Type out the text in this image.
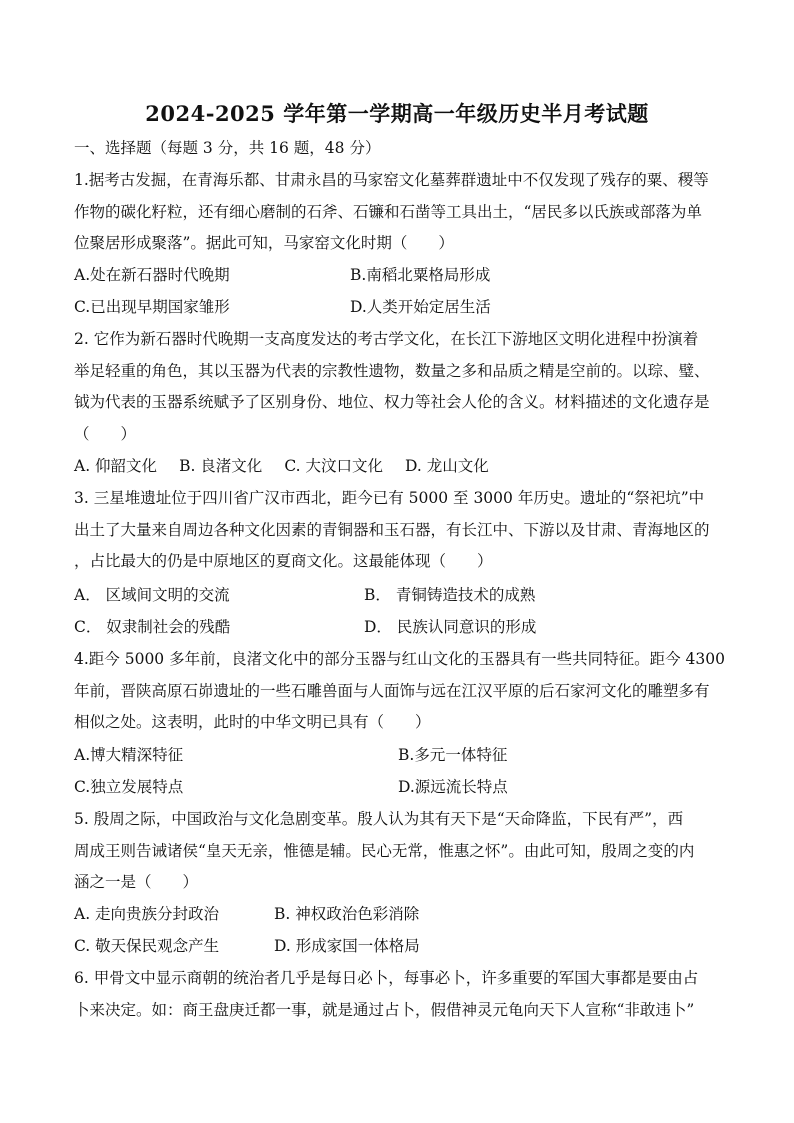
2024-2025 学年第一学期高一年级历史半月考试题
一、选择题（每题 3 分，共 16 题，48 分）
1.据考古发掘，在青海乐都、甘肃永昌的马家窑文化墓葬群遗址中不仅发现了残存的粟、稷等
作物的碳化籽粒，还有细心磨制的石斧、石镰和石凿等工具出土，“居民多以氏族或部落为单
位聚居形成聚落”。据此可知，马家窑文化时期（　　）
A.处在新石器时代晚期	B.南稻北粟格局形成
C.已出现早期国家雏形	D.人类开始定居生活
2. 它作为新石器时代晚期一支高度发达的考古学文化，在长江下游地区文明化进程中扮演着
举足轻重的角色，其以玉器为代表的宗教性遗物，数量之多和品质之精是空前的。以琮、璧、
钺为代表的玉器系统赋予了区别身份、地位、权力等社会人伦的含义。材料描述的文化遗存是
（　　）
A. 仰韶文化 B. 良渚文化 C. 大汶口文化 D. 龙山文化
3. 三星堆遗址位于四川省广汉市西北，距今已有 5000 至 3000 年历史。遗址的“祭祀坑”中
出土了大量来自周边各种文化因素的青铜器和玉石器，有长江中、下游以及甘肃、青海地区的
，占比最大的仍是中原地区的夏商文化。这最能体现（　　）
A． 区域间文明的交流	B． 青铜铸造技术的成熟
C． 奴隶制社会的残酷	D． 民族认同意识的形成
4.距今 5000 多年前，良渚文化中的部分玉器与红山文化的玉器具有一些共同特征。距今 4300
年前，晋陕高原石峁遗址的一些石雕兽面与人面饰与远在江汉平原的后石家河文化的雕塑多有
相似之处。这表明，此时的中华文明已具有（　　）
A.博大精深特征	B.多元一体特征
C.独立发展特点	D.源远流长特点
5. 殷周之际，中国政治与文化急剧变革。殷人认为其有天下是“天命降监，下民有严”，西
周成王则告诫诸侯“皇天无亲，惟德是辅。民心无常，惟惠之怀”。由此可知，殷周之变的内
涵之一是（　　）
A. 走向贵族分封政治	B. 神权政治色彩消除
C. 敬天保民观念产生	D. 形成家国一体格局
6. 甲骨文中显示商朝的统治者几乎是每日必卜，每事必卜，许多重要的军国大事都是要由占
卜来决定。如：商王盘庚迁都一事，就是通过占卜，假借神灵元龟向天下人宣称“非敢违卜”
